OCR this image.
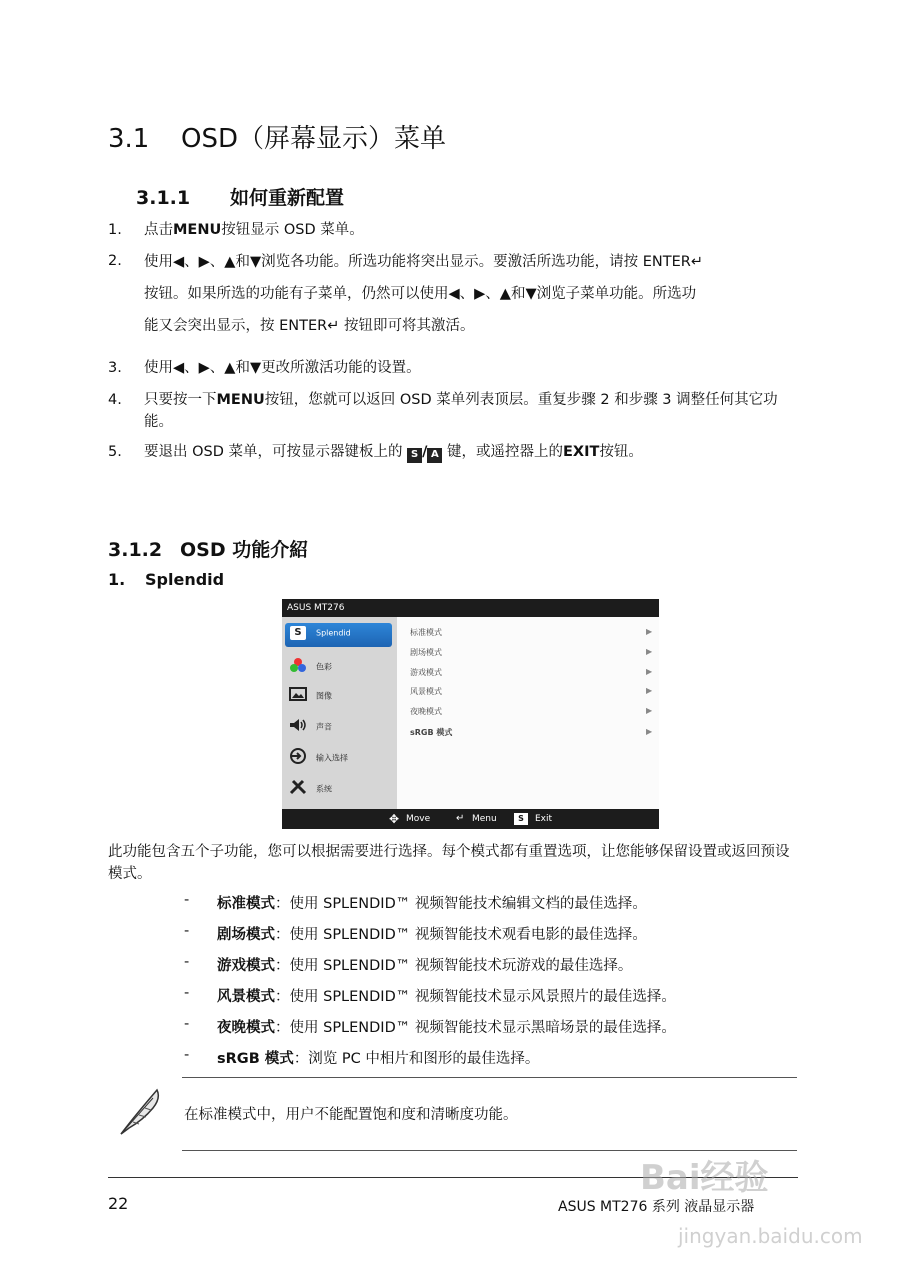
3.1 OSD（屏幕显示）菜单
3.1.1 如何重新配置
1. 点击MENU按钮显示 OSD 菜单。
2. 使用◀、▶、▲和▼浏览各功能。所选功能将突出显示。要激活所选功能，请按 ENTER↵
按钮。如果所选的功能有子菜单，仍然可以使用◀、▶、▲和▼浏览子菜单功能。所选功
能又会突出显示，按 ENTER↵ 按钮即可将其激活。
3. 使用◀、▶、▲和▼更改所激活功能的设置。
4. 只要按一下MENU按钮，您就可以返回 OSD 菜单列表顶层。重复步骤 2 和步骤 3 调整任何其它功能。
5. 要退出 OSD 菜单，可按显示器键板上的 S / A 键，或遥控器上的EXIT按钮。
3.1.2 OSD 功能介紹
1. Splendid
ASUS MT276
S Splendid
色彩
图像
声音
输入选择
系统
标准模式	▶
剧场模式	▶
游戏模式	▶
风景模式	▶
夜晚模式	▶
sRGB 模式	▶
✥ Move	↵ Menu	S	Exit
此功能包含五个子功能，您可以根据需要进行选择。每个模式都有重置选项，让您能够保留设置或返回预设模式。
- 标准模式：使用 SPLENDID™ 视频智能技术编辑文档的最佳选择。
- 剧场模式：使用 SPLENDID™ 视频智能技术观看电影的最佳选择。
- 游戏模式：使用 SPLENDID™ 视频智能技术玩游戏的最佳选择。
- 风景模式：使用 SPLENDID™ 视频智能技术显示风景照片的最佳选择。
- 夜晚模式：使用 SPLENDID™ 视频智能技术显示黑暗场景的最佳选择。
- sRGB 模式：浏览 PC 中相片和图形的最佳选择。
在标准模式中，用户不能配置饱和度和清晰度功能。
22	ASUS MT276 系列 液晶显示器
Bai经验
jingyan.baidu.com
